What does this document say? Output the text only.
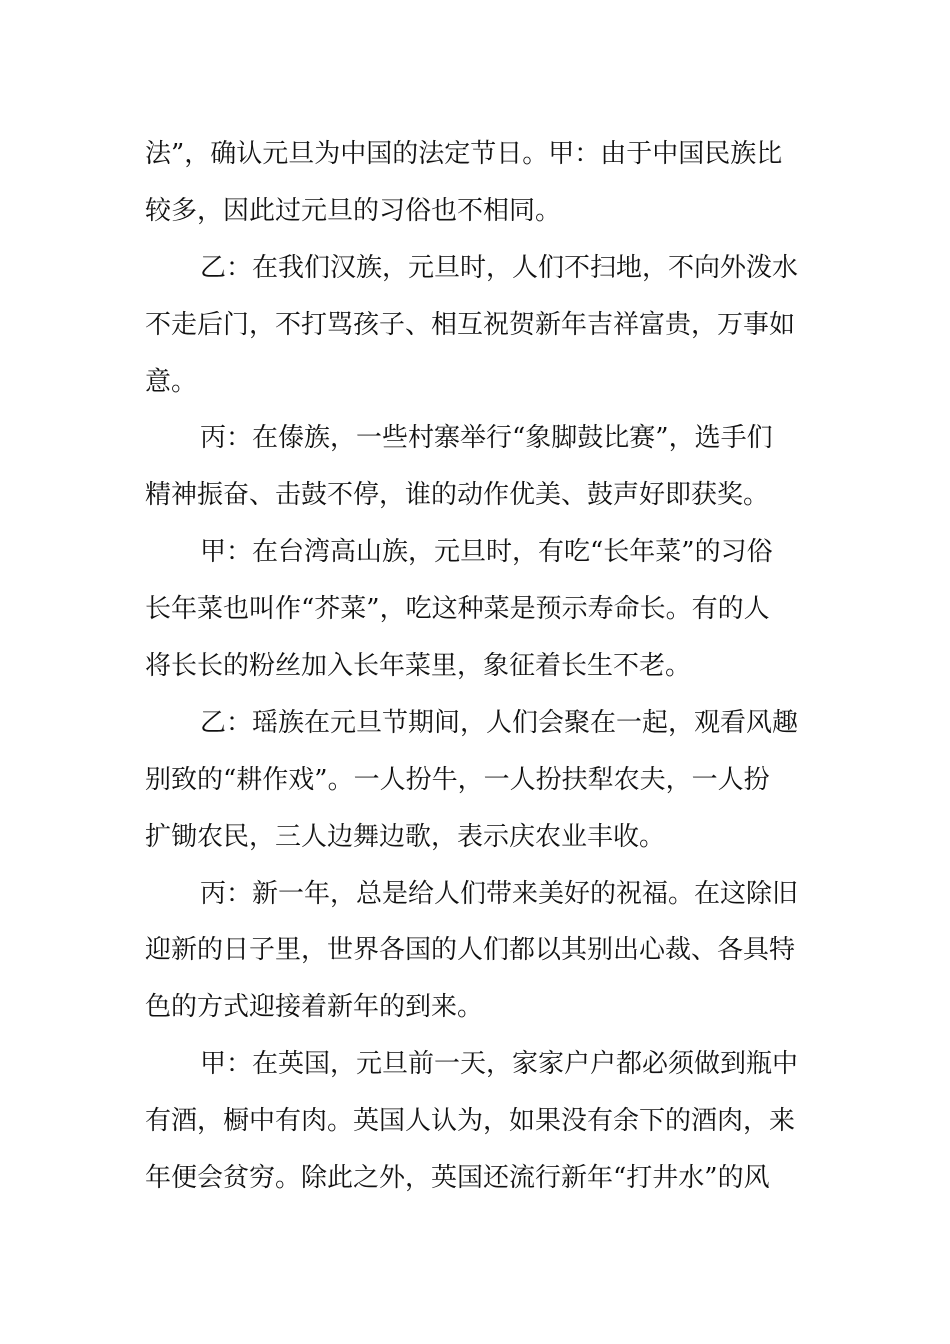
法”，确认元旦为中国的法定节日。甲：由于中国民族比
较多，因此过元旦的习俗也不相同。
乙：在我们汉族，元旦时，人们不扫地，不向外泼水
不走后门，不打骂孩子、相互祝贺新年吉祥富贵，万事如
意。
丙：在傣族，一些村寨举行“象脚鼓比赛”，选手们
精神振奋、击鼓不停，谁的动作优美、鼓声好即获奖。
甲：在台湾高山族，元旦时，有吃“长年菜”的习俗
长年菜也叫作“芥菜”，吃这种菜是预示寿命长。有的人
将长长的粉丝加入长年菜里，象征着长生不老。
乙：瑶族在元旦节期间，人们会聚在一起，观看风趣
别致的“耕作戏”。一人扮牛，一人扮扶犁农夫，一人扮
扩锄农民，三人边舞边歌，表示庆农业丰收。
丙：新一年，总是给人们带来美好的祝福。在这除旧
迎新的日子里，世界各国的人们都以其别出心裁、各具特
色的方式迎接着新年的到来。
甲：在英国，元旦前一天，家家户户都必须做到瓶中
有酒，橱中有肉。英国人认为，如果没有余下的酒肉，来
年便会贫穷。除此之外，英国还流行新年“打井水”的风
